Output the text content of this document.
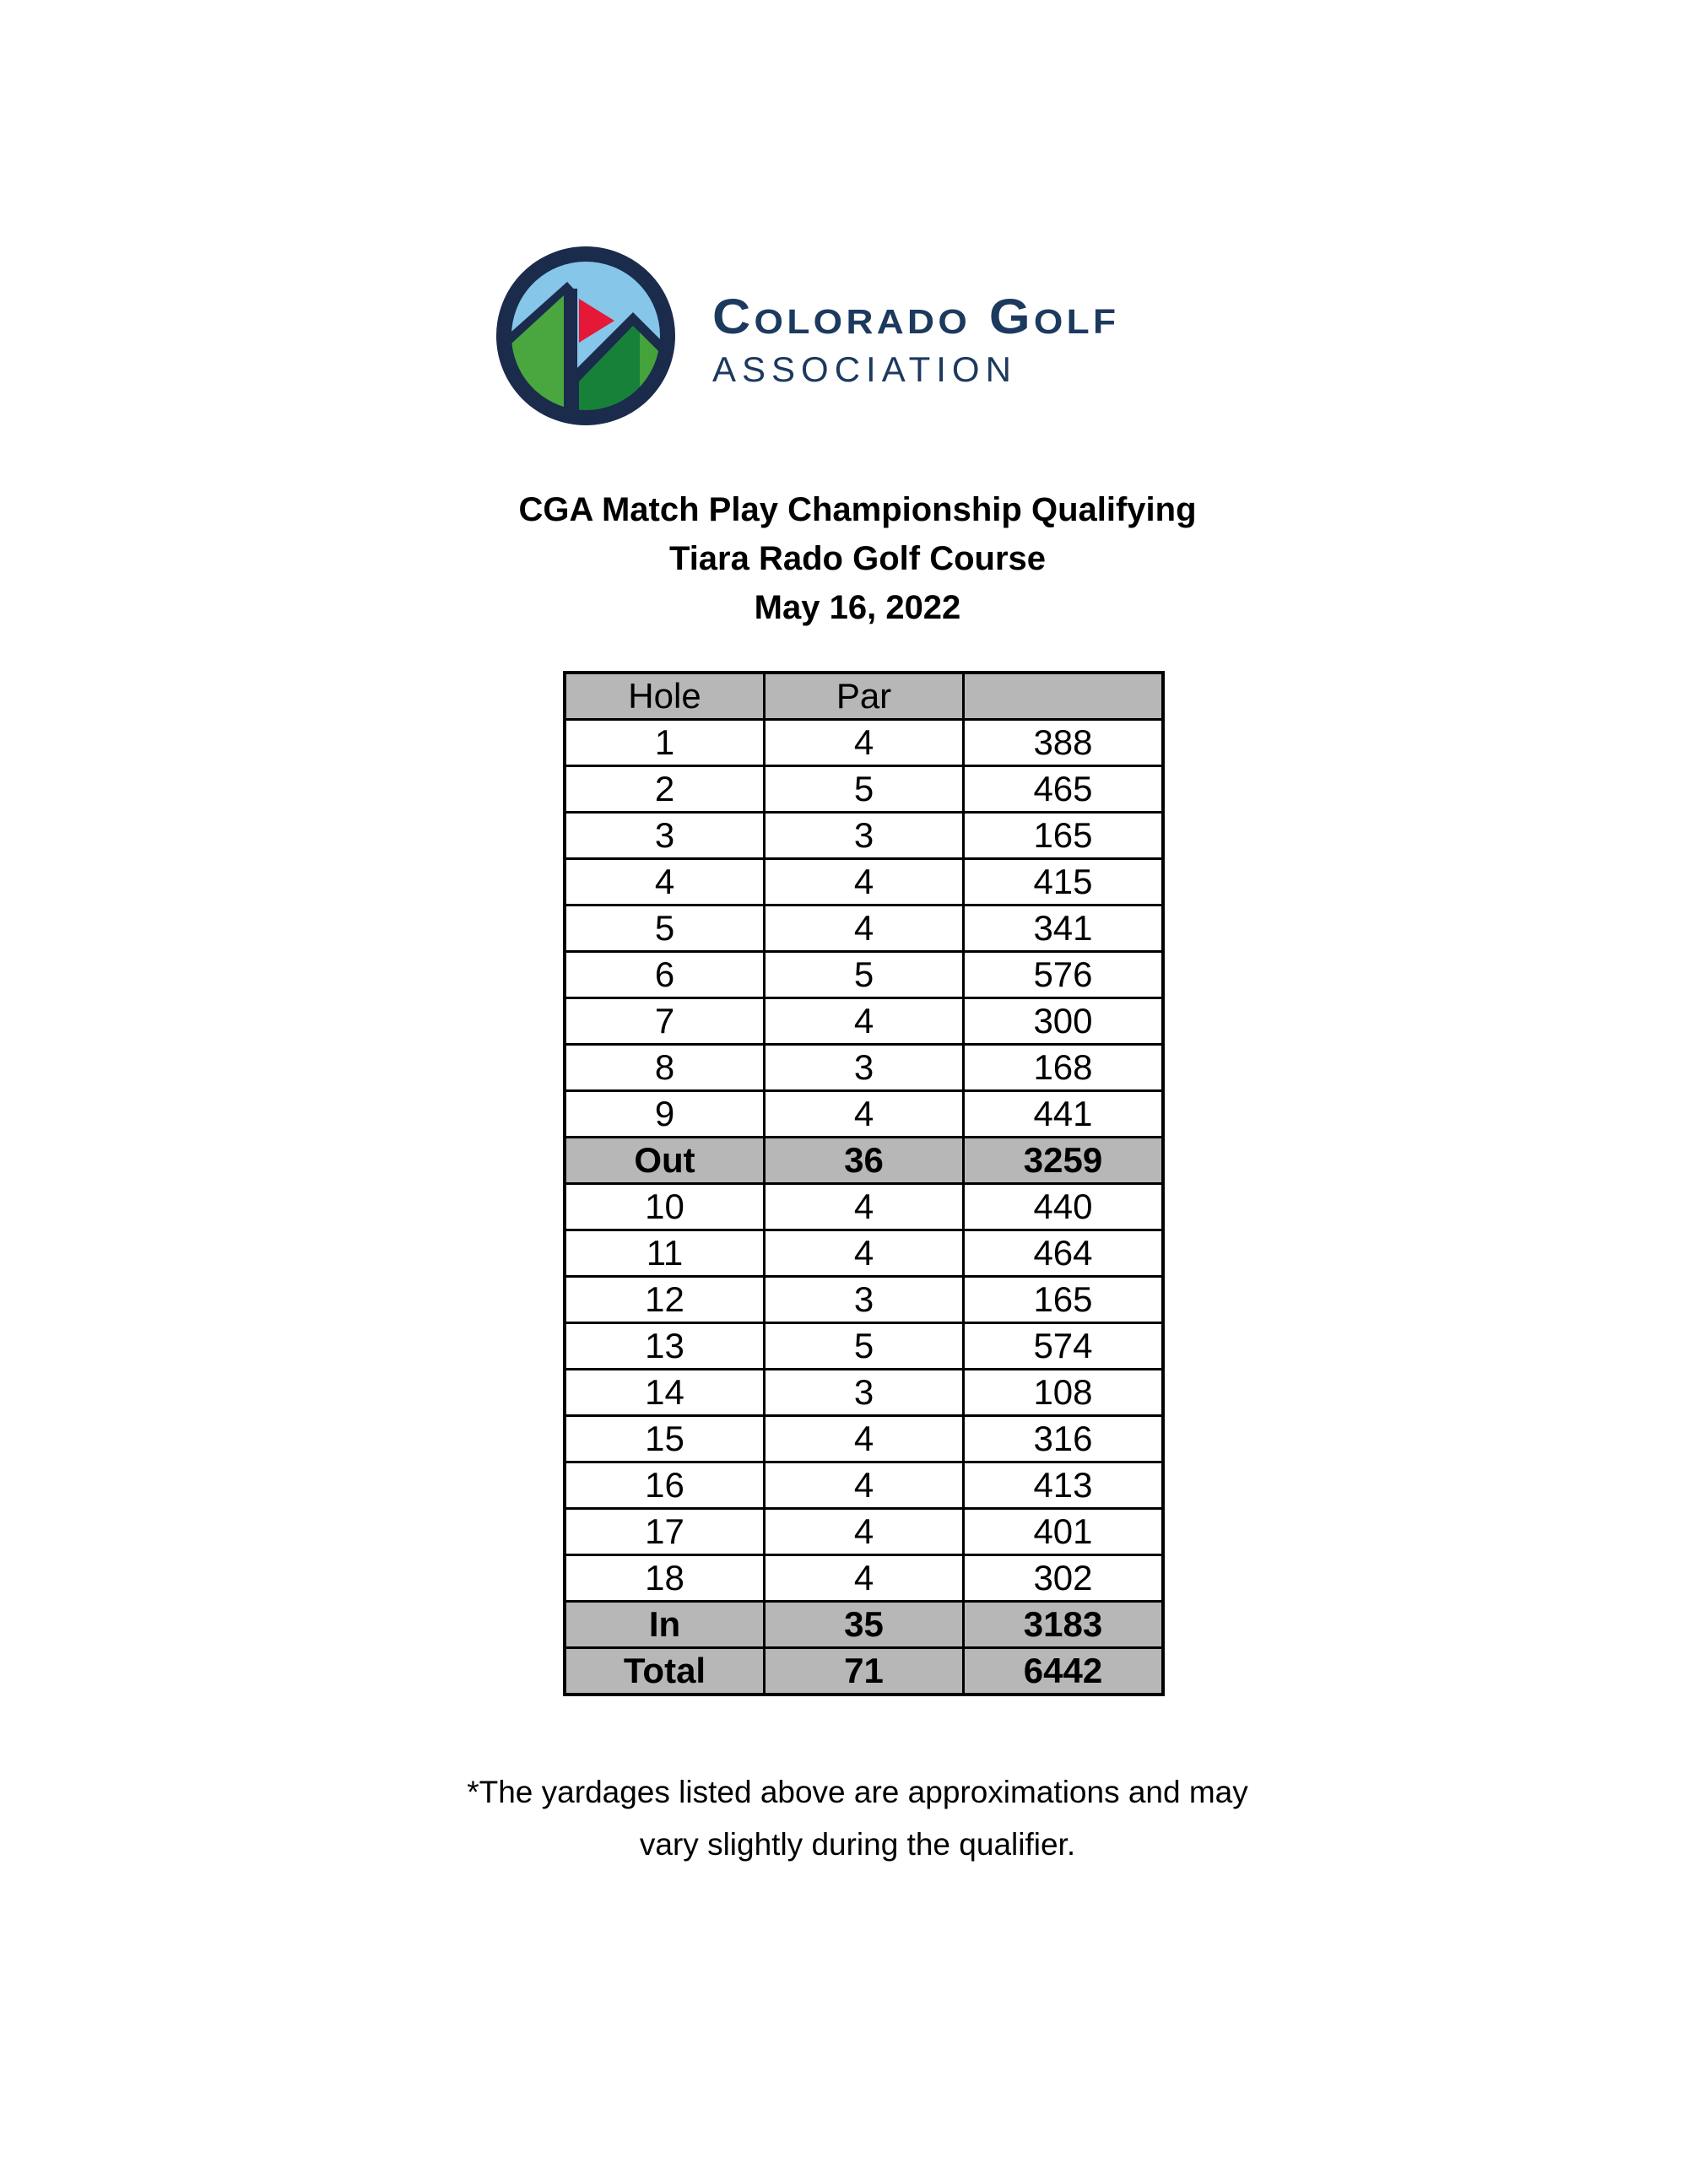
Colorado Golf
ASSOCIATION
CGA Match Play Championship Qualifying
Tiara Rado Golf Course
May 16, 2022
Hole	Par	
1	4	388
2	5	465
3	3	165
4	4	415
5	4	341
6	5	576
7	4	300
8	3	168
9	4	441
Out	36	3259
10	4	440
11	4	464
12	3	165
13	5	574
14	3	108
15	4	316
16	4	413
17	4	401
18	4	302
In	35	3183
Total	71	6442
*The yardages listed above are approximations and may
vary slightly during the qualifier.
